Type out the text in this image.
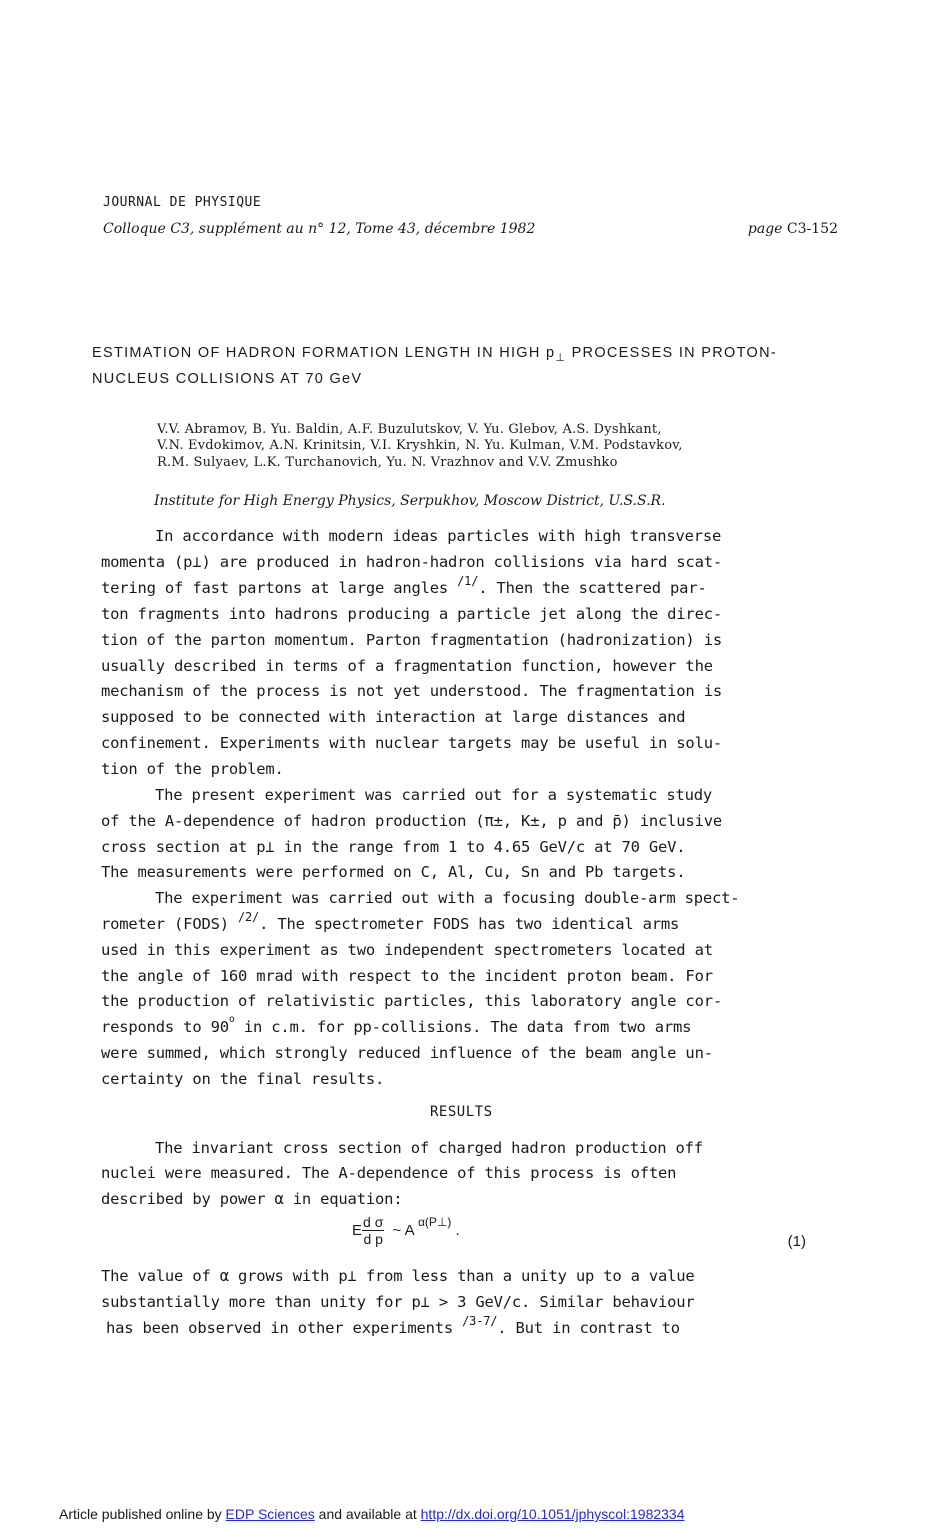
JOURNAL DE PHYSIQUE
Colloque C3, supplément au n° 12, Tome 43, décembre 1982	page C3-152
ESTIMATION OF HADRON FORMATION LENGTH IN HIGH $p_\perp$ PROCESSES IN PROTON-
NUCLEUS COLLISIONS AT 70 GeV
V.V. Abramov, B. Yu. Baldin, A.F. Buzulutskov, V. Yu. Glebov, A.S. Dyshkant,
V.N. Evdokimov, A.N. Krinitsin, V.I. Kryshkin, N. Yu. Kulman, V.M. Podstavkov,
R.M. Sulyaev, L.K. Turchanovich, Yu. N. Vrazhnov and V.V. Zmushko
Institute for High Energy Physics, Serpukhov, Moscow District, U.S.S.R.
In accordance with modern ideas particles with high transverse
momenta (p⊥) are produced in hadron-hadron collisions via hard scat-
tering of fast partons at large angles $^{/1/}$. Then the scattered par-
ton fragments into hadrons producing a particle jet along the direc-
tion of the parton momentum. Parton fragmentation (hadronization) is
usually described in terms of a fragmentation function, however the
mechanism of the process is not yet understood. The fragmentation is
supposed to be connected with interaction at large distances and
confinement. Experiments with nuclear targets may be useful in solu-
tion of the problem.
The present experiment was carried out for a systematic study
of the A-dependence of hadron production (π±, K±, p and p̄) inclusive
cross section at p⊥ in the range from 1 to 4.65 GeV/c at 70 GeV.
The measurements were performed on C, Al, Cu, Sn and Pb targets.
The experiment was carried out with a focusing double-arm spect-
rometer (FODS) $^{/2/}$. The spectrometer FODS has two identical arms
used in this experiment as two independent spectrometers located at
the angle of 160 mrad with respect to the incident proton beam. For
the production of relativistic particles, this laboratory angle cor-
responds to 90$^o$ in c.m. for pp-collisions. The data from two arms
were summed, which strongly reduced influence of the beam angle un-
certainty on the final results.
RESULTS
The invariant cross section of charged hadron production off
nuclei were measured. The A-dependence of this process is often
described by power α in equation:
E $\frac{\text{d σ}}{\text{d p}}$ ~ A $^{\alpha(P\perp)}$ .
(1)
The value of α grows with p⊥ from less than a unity up to a value
substantially more than unity for p⊥ > 3 GeV/c. Similar behaviour
has been observed in other experiments $^{/3-7/}$. But in contrast to
Article published online by EDP Sciences and available at http://dx.doi.org/10.1051/jphyscol:1982334
